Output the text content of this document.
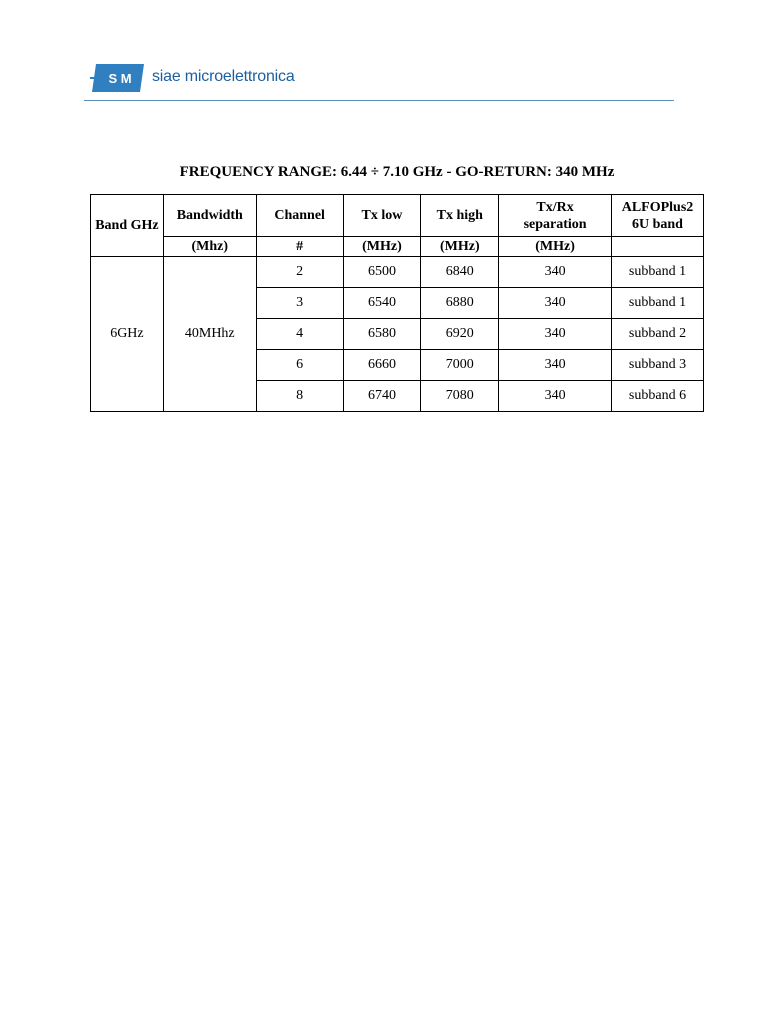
S M siae microelettronica
FREQUENCY RANGE: 6.44 ÷ 7.10 GHz - GO-RETURN: 340 MHz
Band GHz	Bandwidth	Channel	Tx low	Tx high	Tx/Rx separation	ALFOPlus2 6U band
	(Mhz)	#	(MHz)	(MHz)	(MHz)	
6GHz	40MHhz	2	6500	6840	340	subband 1
		3	6540	6880	340	subband 1
		4	6580	6920	340	subband 2
		6	6660	7000	340	subband 3
		8	6740	7080	340	subband 6
